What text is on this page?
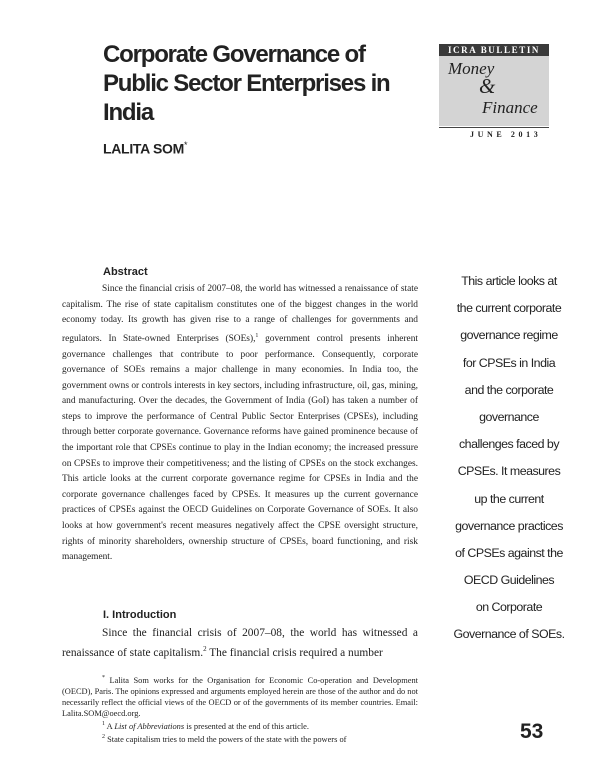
Corporate Governance of
Public Sector Enterprises in India
LALITA SOM*
ICRA BULLETIN
Money
&
Finance
JUNE 2013
Abstract

Since the financial crisis of 2007–08, the world has witnessed a renaissance of state capitalism. The rise of state capitalism constitutes one of the biggest changes in the world economy today. Its growth has given rise to a range of challenges for governments and regulators. In State-owned Enterprises (SOEs),$^1$ government control presents inherent governance challenges that contribute to poor performance. Consequently, corporate governance of SOEs remains a major challenge in many economies. In India too, the government owns or controls interests in key sectors, including infrastructure, oil, gas, mining, and manufacturing. Over the decades, the Government of India (GoI) has taken a number of steps to improve the performance of Central Public Sector Enterprises (CPSEs), including through better corporate governance. Governance reforms have gained prominence because of the important role that CPSEs continue to play in the Indian economy; the increased pressure on CPSEs to improve their competitiveness; and the listing of CPSEs on the stock exchanges. This article looks at the current corporate governance regime for CPSEs in India and the corporate governance challenges faced by CPSEs. It measures up the current governance practices of CPSEs against the OECD Guidelines on Corporate Governance of SOEs. It also looks at how government's recent measures negatively affect the CPSE oversight structure, rights of minority shareholders, ownership structure of CPSEs, board functioning, and risk management.

I. Introduction

Since the financial crisis of 2007–08, the world has witnessed a renaissance of state capitalism.$^2$ The financial crisis required a number

* Lalita Som works for the Organisation for Economic Co-operation and Development (OECD), Paris. The opinions expressed and arguments employed herein are those of the author and do not necessarily reflect the official views of the OECD or of the governments of its member countries. Email: Lalita.SOM@oecd.org.

$^1$ A List of Abbreviations is presented at the end of this article.

$^2$ State capitalism tries to meld the powers of the state with the powers of

This article looks at
the current corporate
governance regime
for CPSEs in India
and the corporate
governance
challenges faced by
CPSEs. It measures
up the current
governance practices
of CPSEs against the
OECD Guidelines
on Corporate
Governance of SOEs.
53
